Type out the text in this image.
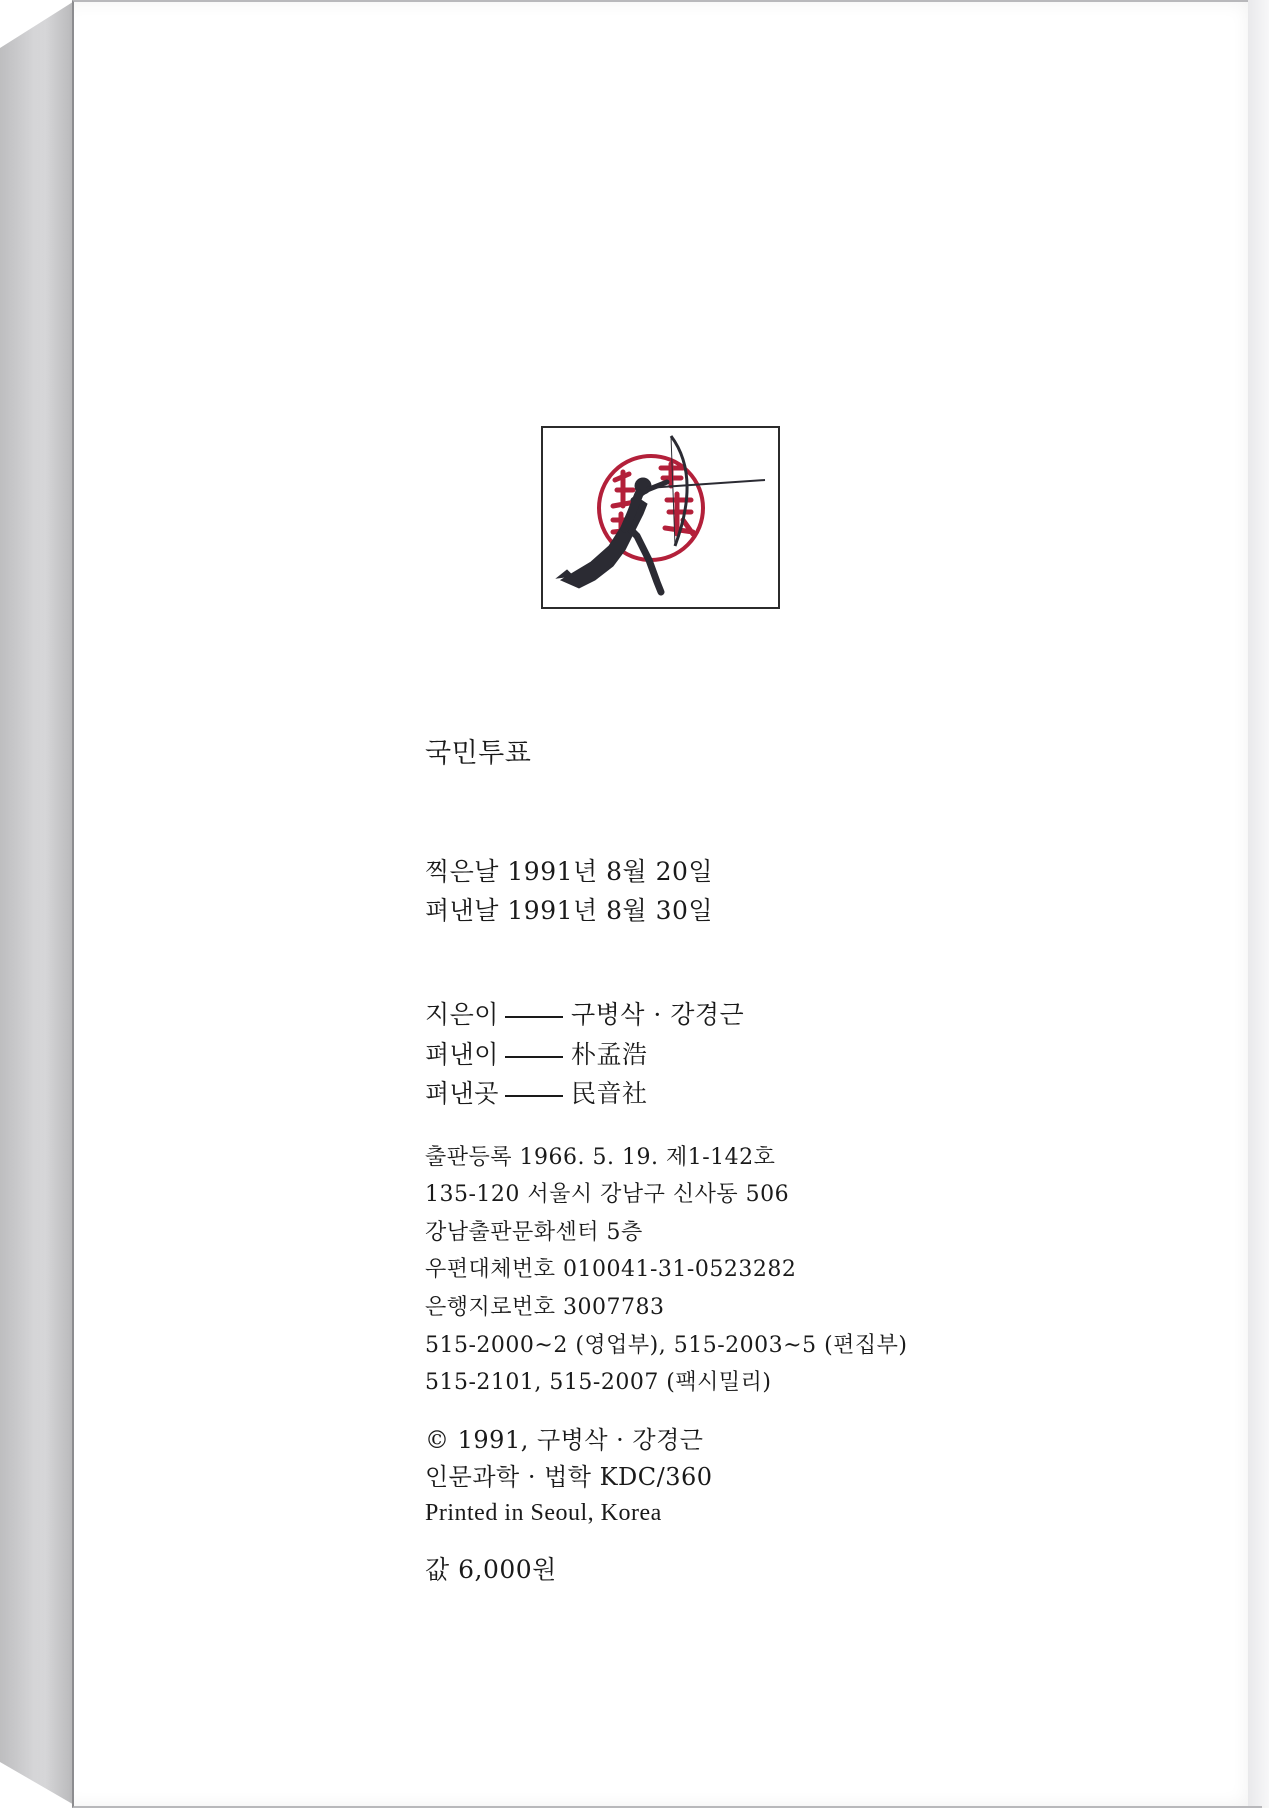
국민투표
찍은날 1991년 8월 20일
펴낸날 1991년 8월 30일
지은이	구병삭 · 강경근
펴낸이	朴孟浩
펴낸곳	民音社
출판등록 1966. 5. 19. 제1-142호
135-120 서울시 강남구 신사동 506
강남출판문화센터 5층
우편대체번호 010041-31-0523282
은행지로번호 3007783
515-2000~2 (영업부), 515-2003~5 (편집부)
515-2101, 515-2007 (팩시밀리)
© 1991, 구병삭 · 강경근
인문과학 · 법학 KDC/360
Printed in Seoul, Korea
값 6,000원
